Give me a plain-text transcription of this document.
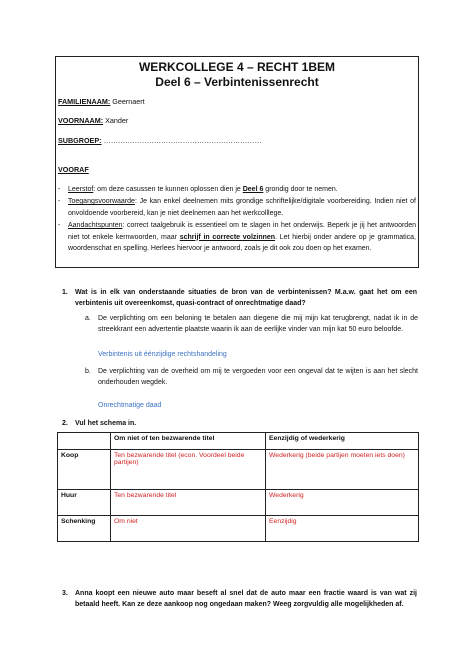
WERKCOLLEGE 4 – RECHT 1BEM
Deel 6 – Verbintenissenrecht
FAMILIENAAM: Geernaert
VOORNAAM: Xander
SUBGROEP: …………………………………………………………
VOORAF
- Leerstof: om deze casussen te kunnen oplossen dien je Deel 6 grondig door te nemen.
- Toegangsvoorwaarde: Je kan enkel deelnemen mits grondige schriftelijke/digitale voorbereiding. Indien niet of onvoldoende voorbereid, kan je niet deelnemen aan het werkcolllege.
- Aandachtspunten: correct taalgebruik is essentieel om te slagen in het onderwijs. Beperk je jij het antwoorden niet tot enkele kernwoorden, maar schrijf in correcte volzinnen. Let hierbij onder andere op je grammatica, woordenschat en spelling. Herlees hiervoor je antwoord, zoals je dit ook zou doen op het examen.
1. Wat is in elk van onderstaande situaties de bron van de verbintenissen? M.a.w. gaat het om een verbintenis uit overeenkomst, quasi-contract of onrechtmatige daad?
a. De verplichting om een beloning te betalen aan diegene die mij mijn kat terugbrengt, nadat ik in de streekkrant een advertentie plaatste waarin ik aan de eerlijke vinder van mijn kat 50 euro beloofde.
Verbintenis uit éénzijdige rechtshandeling
b. De verplichting van de overheid om mij te vergoeden voor een ongeval dat te wijten is aan het slecht onderhouden wegdek.
Onrechtmatige daad
2. Vul het schema in.
	Om niet of ten bezwarende titel	Eenzijdig of wederkerig
Koop	Ten bezwarende titel (econ. Voordeel beide partijen)	Wederkerig (beide partijen moeten iets doen)
Huur	Ten bezwarende titel	Wederkerig
Schenking	Om niet	Eenzijdig
3. Anna koopt een nieuwe auto maar beseft al snel dat de auto maar een fractie waard is van wat zij betaald heeft. Kan ze deze aankoop nog ongedaan maken? Weeg zorgvuldig alle mogelijkheden af.
